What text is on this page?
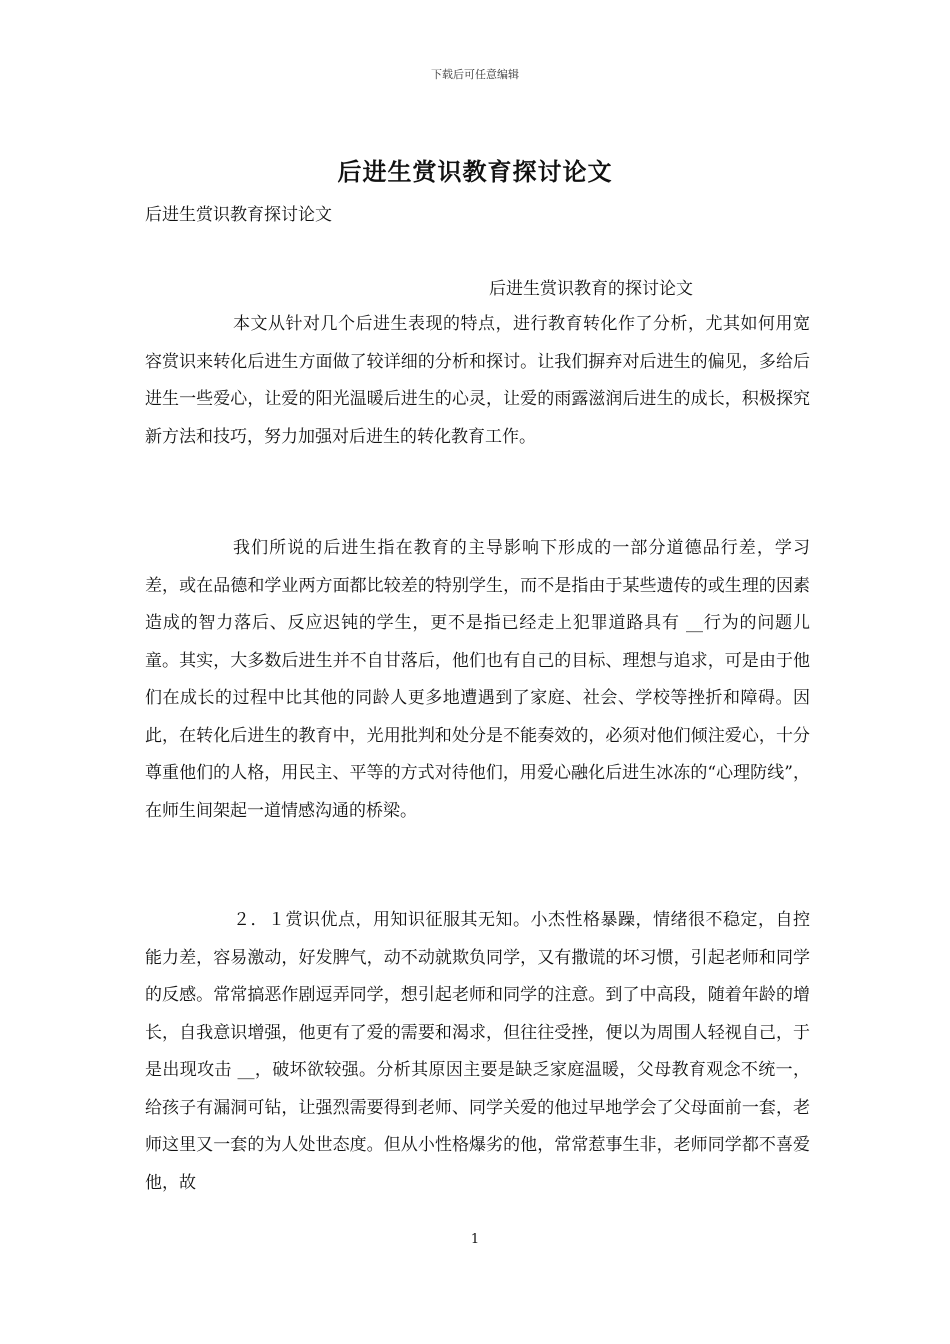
下载后可任意编辑
后进生赏识教育探讨论文
后进生赏识教育探讨论文
后进生赏识教育的探讨论文

本文从针对几个后进生表现的特点，进行教育转化作了分析，尤其如何用宽容赏识来转化后进生方面做了较详细的分析和探讨。让我们摒弃对后进生的偏见，多给后进生一些爱心，让爱的阳光温暖后进生的心灵，让爱的雨露滋润后进生的成长，积极探究新方法和技巧，努力加强对后进生的转化教育工作。

我们所说的后进生指在教育的主导影响下形成的一部分道德品行差，学习差，或在品德和学业两方面都比较差的特别学生，而不是指由于某些遗传的或生理的因素造成的智力落后、反应迟钝的学生，更不是指已经走上犯罪道路具有 __行为的问题儿童。其实，大多数后进生并不自甘落后，他们也有自己的目标、理想与追求，可是由于他们在成长的过程中比其他的同龄人更多地遭遇到了家庭、社会、学校等挫折和障碍。因此，在转化后进生的教育中，光用批判和处分是不能奏效的，必须对他们倾注爱心，十分尊重他们的人格，用民主、平等的方式对待他们，用爱心融化后进生冰冻的“心理防线”，在师生间架起一道情感沟通的桥梁。

２．１赏识优点，用知识征服其无知。小杰性格暴躁，情绪很不稳定，自控能力差，容易激动，好发脾气，动不动就欺负同学，又有撒谎的坏习惯，引起老师和同学的反感。常常搞恶作剧逗弄同学，想引起老师和同学的注意。到了中高段，随着年龄的增长，自我意识增强，他更有了爱的需要和渴求，但往往受挫，便以为周围人轻视自己，于是出现攻击 __，破坏欲较强。分析其原因主要是缺乏家庭温暖，父母教育观念不统一，给孩子有漏洞可钻，让强烈需要得到老师、同学关爱的他过早地学会了父母面前一套，老师这里又一套的为人处世态度。但从小性格爆劣的他，常常惹事生非，老师同学都不喜爱他，故

1
